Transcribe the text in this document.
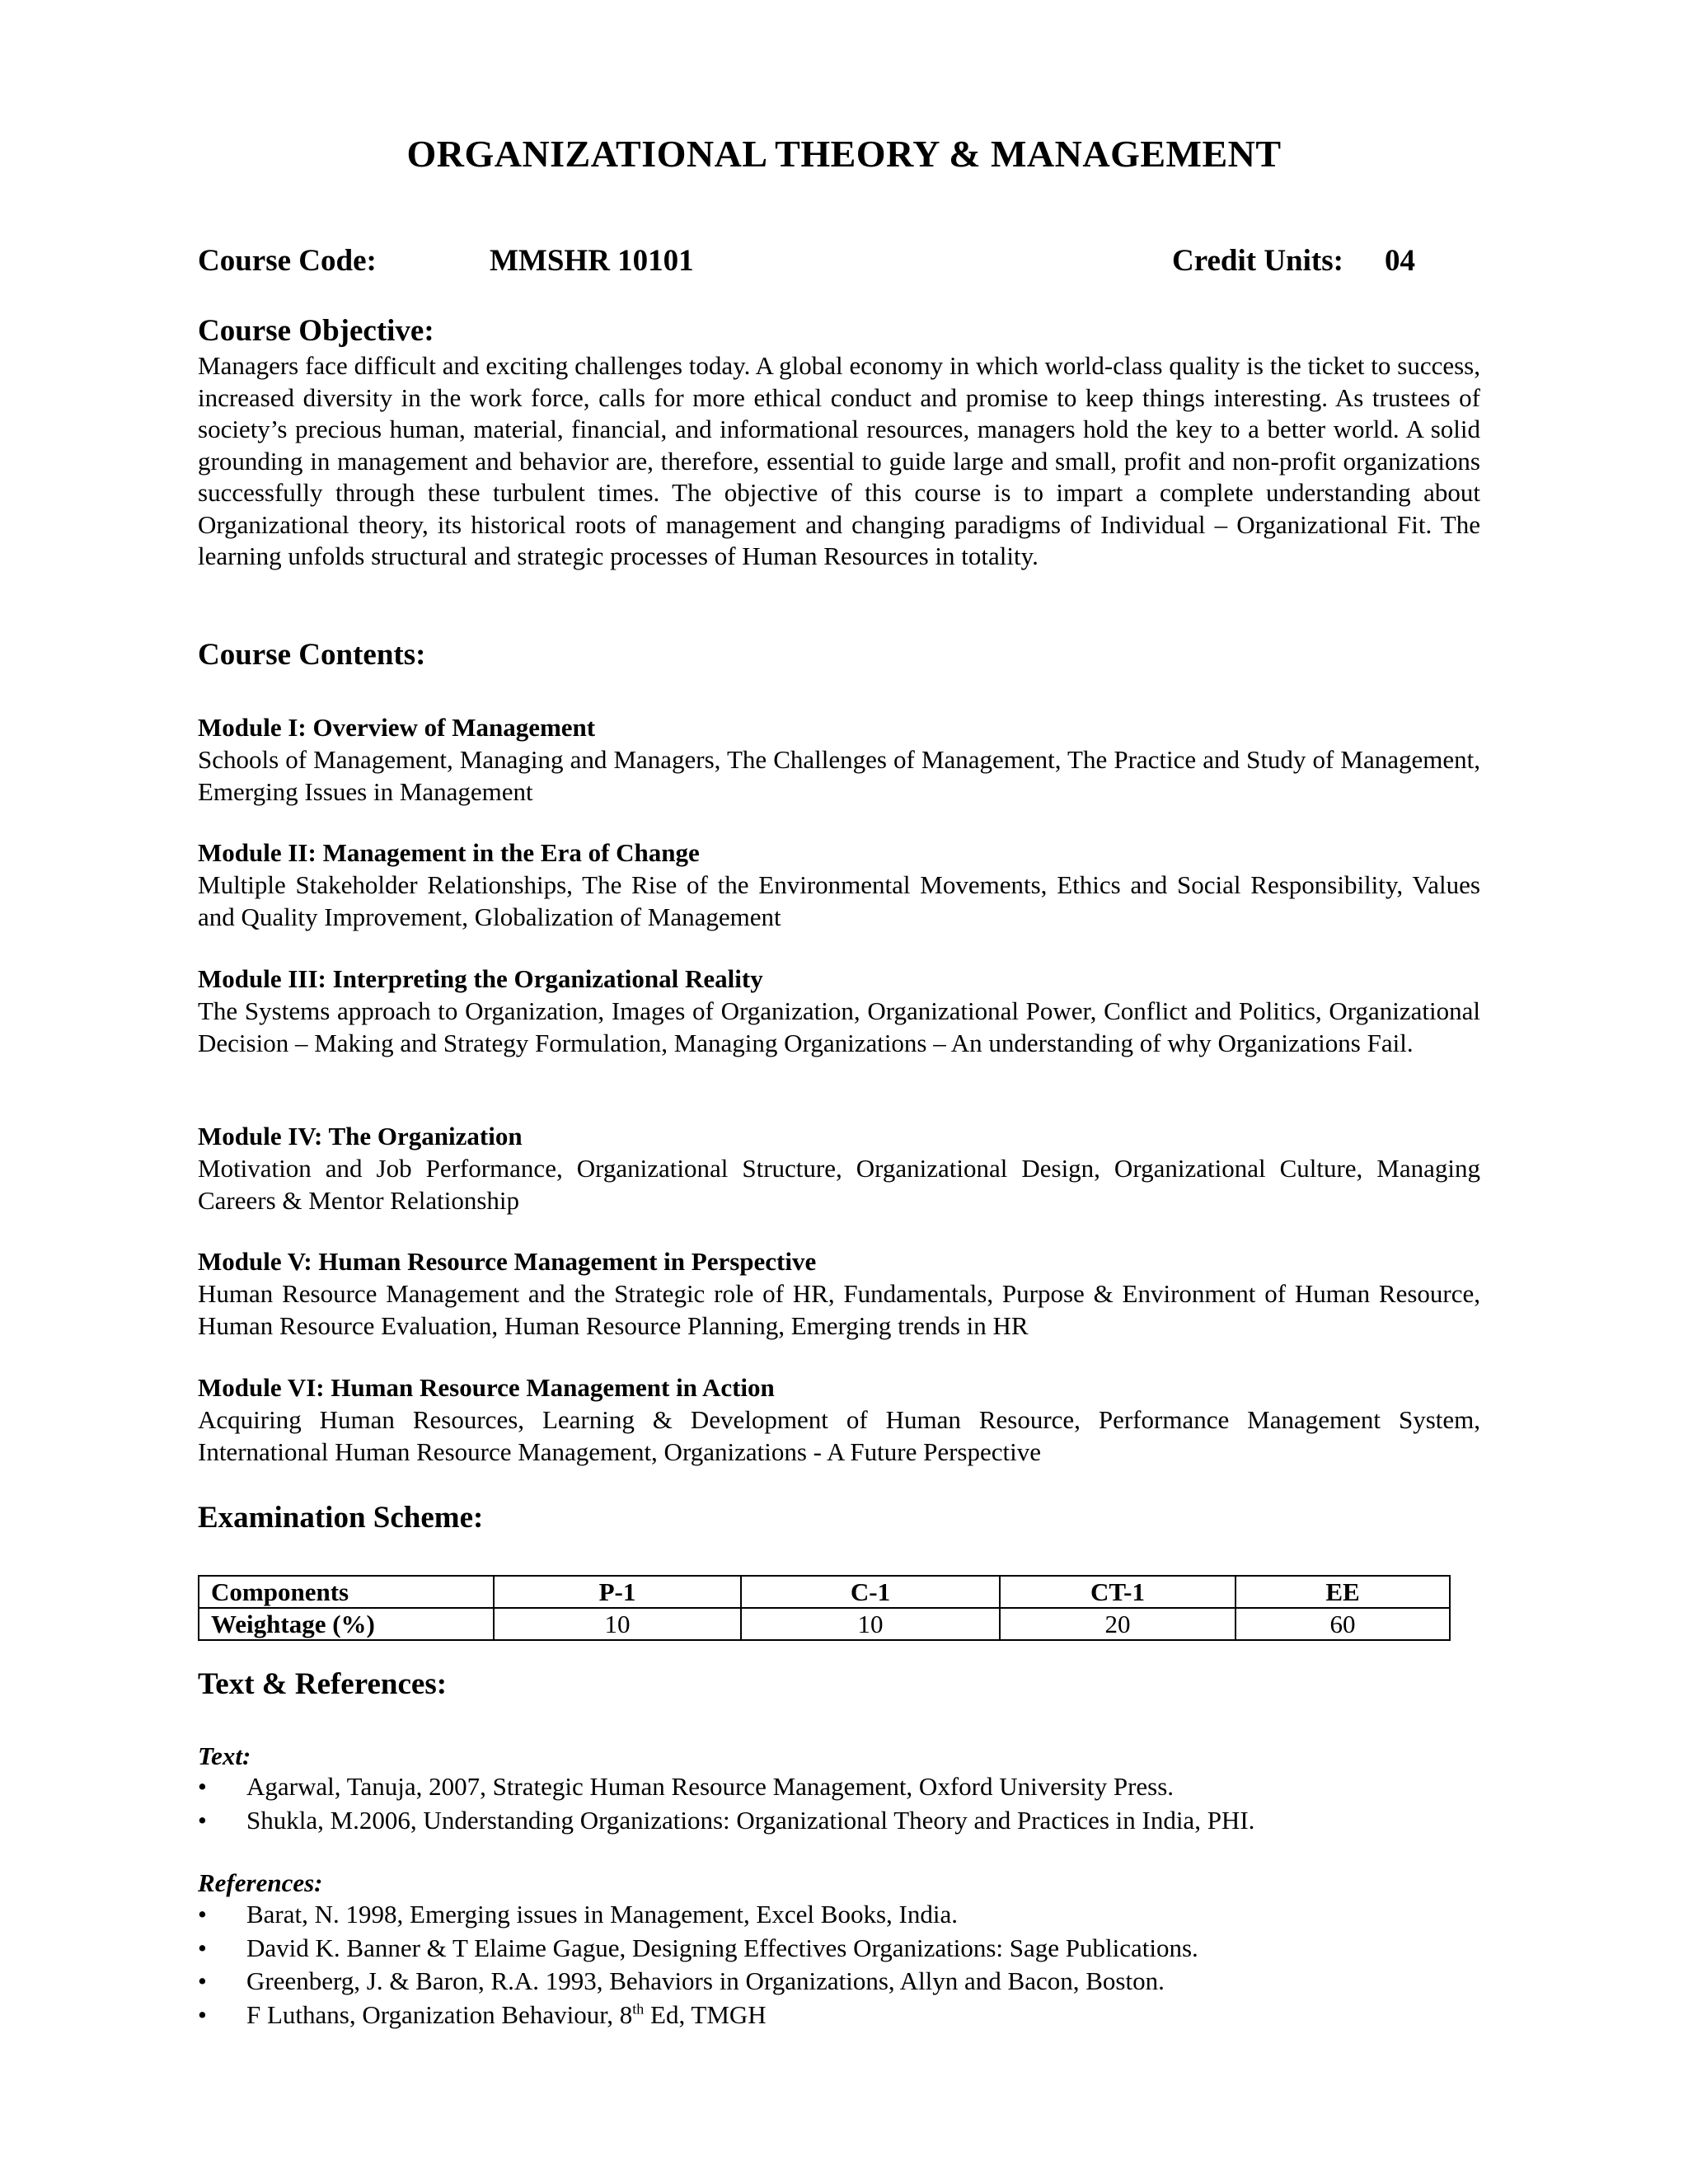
ORGANIZATIONAL THEORY & MANAGEMENT
Course Code:	MMSHR 10101	Credit Units: 04
Course Objective:

Managers face difficult and exciting challenges today. A global economy in which world-class quality is the ticket to success, increased diversity in the work force, calls for more ethical conduct and promise to keep things interesting. As trustees of society’s precious human, material, financial, and informational resources, managers hold the key to a better world. A solid grounding in management and behavior are, therefore, essential to guide large and small, profit and non-profit organizations successfully through these turbulent times. The objective of this course is to impart a complete understanding about Organizational theory, its historical roots of management and changing paradigms of Individual – Organizational Fit. The learning unfolds structural and strategic processes of Human Resources in totality.

Course Contents:

Module I: Overview of Management

Schools of Management, Managing and Managers, The Challenges of Management, The Practice and Study of Management, Emerging Issues in Management

Module II: Management in the Era of Change

Multiple Stakeholder Relationships, The Rise of the Environmental Movements, Ethics and Social Responsibility, Values and Quality Improvement, Globalization of Management

Module III: Interpreting the Organizational Reality

The Systems approach to Organization, Images of Organization, Organizational Power, Conflict and Politics, Organizational Decision – Making and Strategy Formulation, Managing Organizations – An understanding of why Organizations Fail.

Module IV: The Organization

Motivation and Job Performance, Organizational Structure, Organizational Design, Organizational Culture, Managing Careers & Mentor Relationship

Module V: Human Resource Management in Perspective

Human Resource Management and the Strategic role of HR, Fundamentals, Purpose & Environment of Human Resource, Human Resource Evaluation, Human Resource Planning, Emerging trends in HR

Module VI: Human Resource Management in Action

Acquiring Human Resources, Learning & Development of Human Resource, Performance Management System, International Human Resource Management, Organizations - A Future Perspective

Examination Scheme:
Components	P-1	C-1	CT-1	EE
Weightage (%)	10	10	20	60
Text & References:

Text:

• Agarwal, Tanuja, 2007, Strategic Human Resource Management, Oxford University Press.
• Shukla, M.2006, Understanding Organizations: Organizational Theory and Practices in India, PHI.

References:

• Barat, N. 1998, Emerging issues in Management, Excel Books, India.
• David K. Banner & T Elaime Gague, Designing Effectives Organizations: Sage Publications.
• Greenberg, J. & Baron, R.A. 1993, Behaviors in Organizations, Allyn and Bacon, Boston.
• F Luthans, Organization Behaviour, 8th Ed, TMGH
